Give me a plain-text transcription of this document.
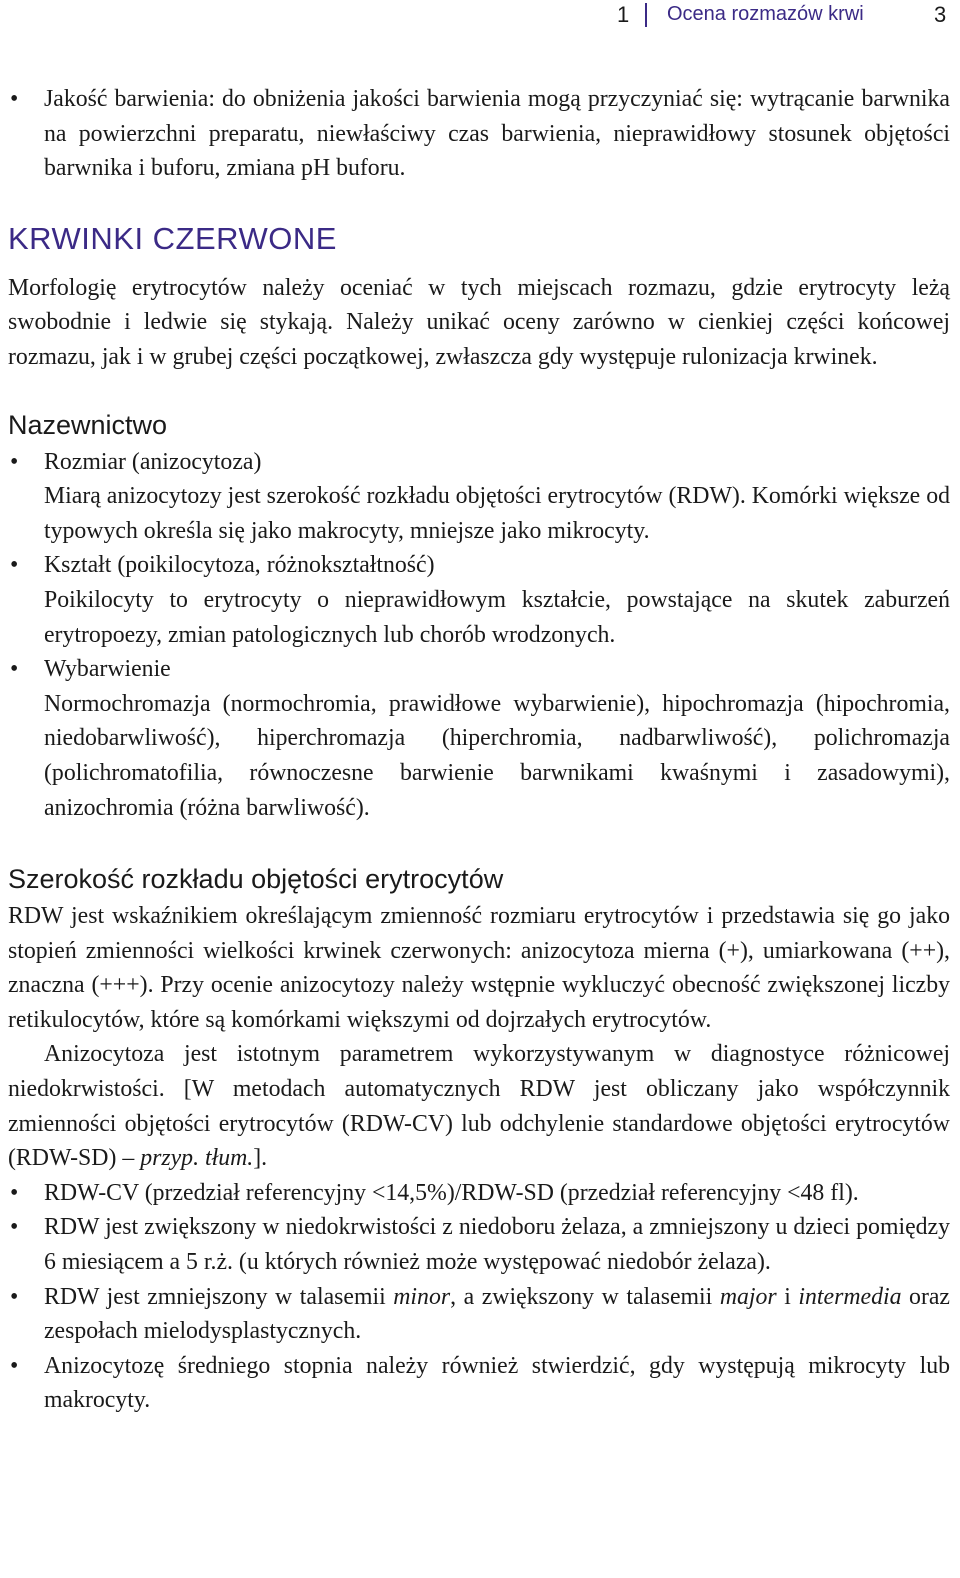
1 Ocena rozmazów krwi	3
• Jakość barwienia: do obniżenia jakości barwienia mogą przyczyniać się: wytrącanie barwnika na powierzchni preparatu, niewłaściwy czas barwienia, nieprawidłowy stosunek objętości barwnika i buforu, zmiana pH buforu.
KRWINKI CZERWONE

Morfologię erytrocytów należy oceniać w tych miejscach rozmazu, gdzie erytrocyty leżą swobodnie i ledwie się stykają. Należy unikać oceny zarówno w cienkiej części końcowej rozmazu, jak i w grubej części początkowej, zwłaszcza gdy występuje rulonizacja krwinek.

Nazewnictwo
• Rozmiar (anizocytoza)
Miarą anizocytozy jest szerokość rozkładu objętości erytrocytów (RDW). Komórki większe od typowych określa się jako makrocyty, mniejsze jako mikrocyty.
• Kształt (poikilocytoza, różnokształtność)
Poikilocyty to erytrocyty o nieprawidłowym kształcie, powstające na skutek zaburzeń erytropoezy, zmian patologicznych lub chorób wrodzonych.
• Wybarwienie
Normochromazja (normochromia, prawidłowe wybarwienie), hipochromazja (hipochromia, niedobarwliwość), hiperchromazja (hiperchromia, nadbarwliwość), polichromazja (polichromatofilia, równoczesne barwienie barwnikami kwaśnymi i zasadowymi), anizochromia (różna barwliwość).
Szerokość rozkładu objętości erytrocytów

RDW jest wskaźnikiem określającym zmienność rozmiaru erytrocytów i przedstawia się go jako stopień zmienności wielkości krwinek czerwonych: anizocytoza mierna (+), umiarkowana (++), znaczna (+++). Przy ocenie anizocytozy należy wstępnie wykluczyć obecność zwiększonej liczby retikulocytów, które są komórkami większymi od dojrzałych erytrocytów.

Anizocytoza jest istotnym parametrem wykorzystywanym w diagnostyce różnicowej niedokrwistości. [W metodach automatycznych RDW jest obliczany jako współczynnik zmienności objętości erytrocytów (RDW-CV) lub odchylenie standardowe objętości erytrocytów (RDW-SD) – przyp. tłum.].

• RDW-CV (przedział referencyjny <14,5%)/RDW-SD (przedział referencyjny <48 fl).
• RDW jest zwiększony w niedokrwistości z niedoboru żelaza, a zmniejszony u dzieci pomiędzy 6 miesiącem a 5 r.ż. (u których również może występować niedobór żelaza).
• RDW jest zmniejszony w talasemii minor, a zwiększony w talasemii major i intermedia oraz zespołach mielodysplastycznych.
• Anizocytozę średniego stopnia należy również stwierdzić, gdy występują mikrocyty lub makrocyty.
